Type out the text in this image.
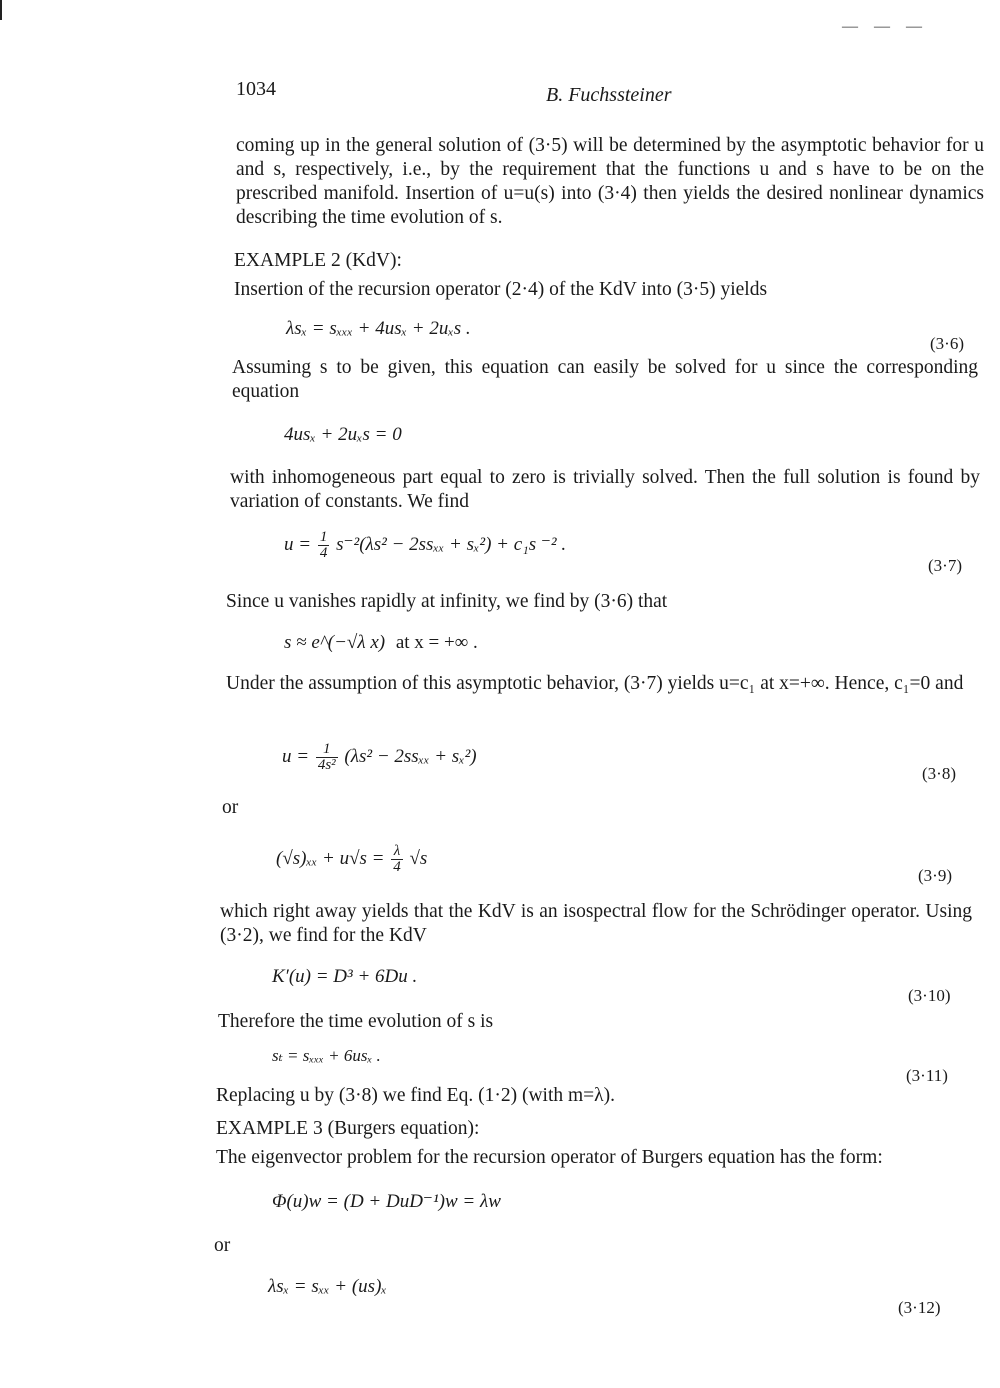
— — —
1034	B. Fuchssteiner
coming up in the general solution of (3·5) will be determined by the asymptotic behavior for u and s, respectively, i.e., by the requirement that the functions u and s have to be on the prescribed manifold. Insertion of u=u(s) into (3·4) then yields the desired nonlinear dynamics describing the time evolution of s.
EXAMPLE 2 (KdV):
Insertion of the recursion operator (2·4) of the KdV into (3·5) yields
λsₓ = sₓₓₓ + 4usₓ + 2uₓs .
(3·6)
Assuming s to be given, this equation can easily be solved for u since the corresponding equation
4usₓ + 2uₓs = 0
with inhomogeneous part equal to zero is trivially solved. Then the full solution is found by variation of constants. We find
$u = \frac{1}{4} s^{-2}(\lambda s^2 - 2ss_{xx} + s_x^2) + c_1s$ ⁻² .
(3·7)
Since u vanishes rapidly at infinity, we find by (3·6) that
s ≈ e^(−√λ x) at x = +∞ .
Under the assumption of this asymptotic behavior, (3·7) yields u=c₁ at x=+∞. Hence, c₁=0 and
$u = \frac{1}{\text{4s²}} (\lambda s^2 - 2ss_{xx} + s_x^2)$
(3·8)
or
$(√s)_{xx} + u√s = \frac{\lambda}{4} √s$
(3·9)
which right away yields that the KdV is an isospectral flow for the Schrödinger operator. Using (3·2), we find for the KdV
K′(u) = D³ + 6Du .
(3·10)
Therefore the time evolution of s is
sₜ = sₓₓₓ + 6usₓ .
(3·11)
Replacing u by (3·8) we find Eq. (1·2) (with m=λ).
EXAMPLE 3 (Burgers equation):
The eigenvector problem for the recursion operator of Burgers equation has the form:
Φ(u)w = (D + DuD⁻¹)w = λw
or
λsₓ = sₓₓ + (us)ₓ
(3·12)
